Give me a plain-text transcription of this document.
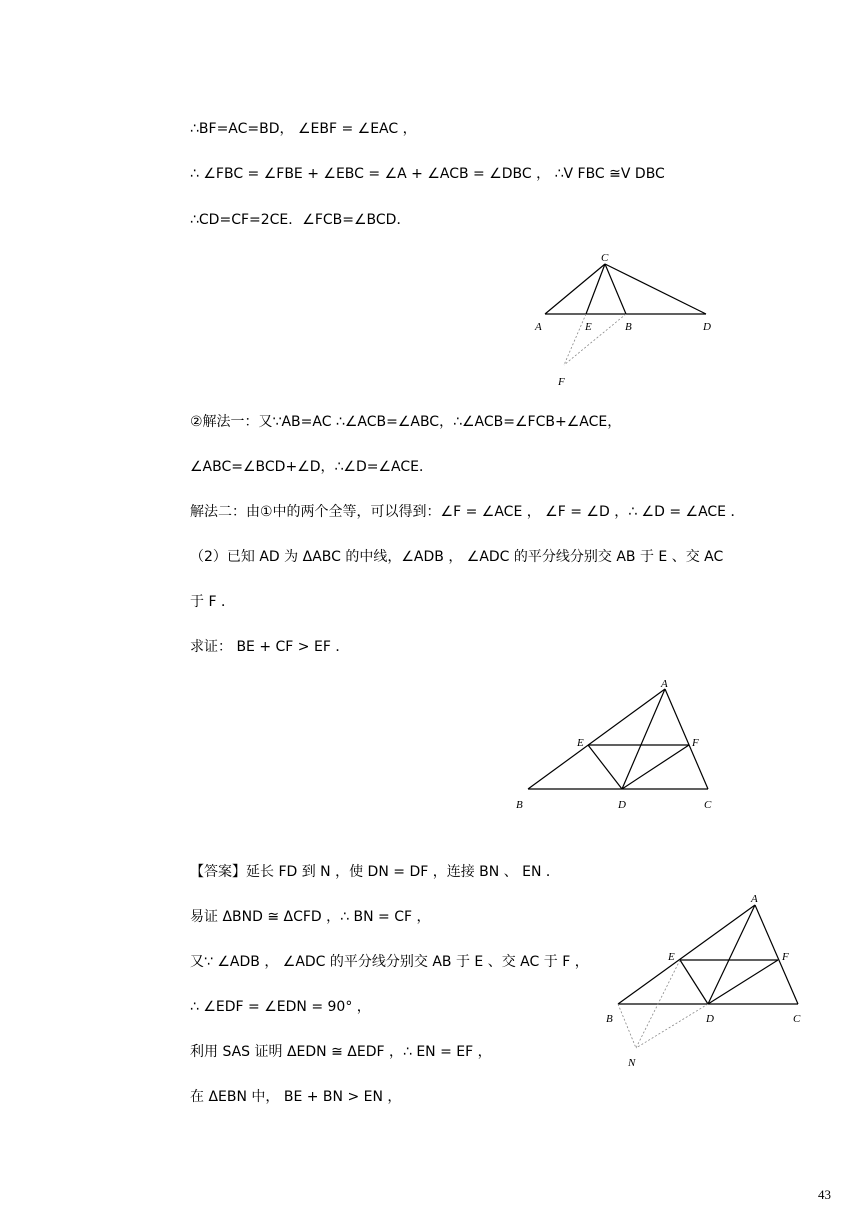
∴BF=AC=BD， ∠EBF = ∠EAC ，
∴ ∠FBC = ∠FBE + ∠EBC = ∠A + ∠ACB = ∠DBC ， ∴V FBC ≅V DBC
∴CD=CF=2CE．∠FCB=∠BCD．
C
A	E	B	D
F
②解法一：又∵AB=AC ∴∠ACB=∠ABC，∴∠ACB=∠FCB+∠ACE，
∠ABC=∠BCD+∠D，∴∠D=∠ACE．
解法二：由①中的两个全等，可以得到：∠F = ∠ACE ， ∠F = ∠D ，∴ ∠D = ∠ACE ．
（2）已知 AD 为 ΔABC 的中线，∠ADB ， ∠ADC 的平分线分别交 AB 于 E 、交 AC
于 F ．
求证： BE + CF > EF ．
A
E	F
B	D	C
【答案】延长 FD 到 N ，使 DN = DF ，连接 BN 、 EN ．
易证 ΔBND ≅ ΔCFD ，∴ BN = CF ，
又∵ ∠ADB ， ∠ADC 的平分线分别交 AB 于 E 、交 AC 于 F ，
∴ ∠EDF = ∠EDN = 90° ，
利用 SAS 证明 ΔEDN ≅ ΔEDF ，∴ EN = EF ，
在 ΔEBN 中， BE + BN > EN ，
A
E	F
B	D	C
N
43
